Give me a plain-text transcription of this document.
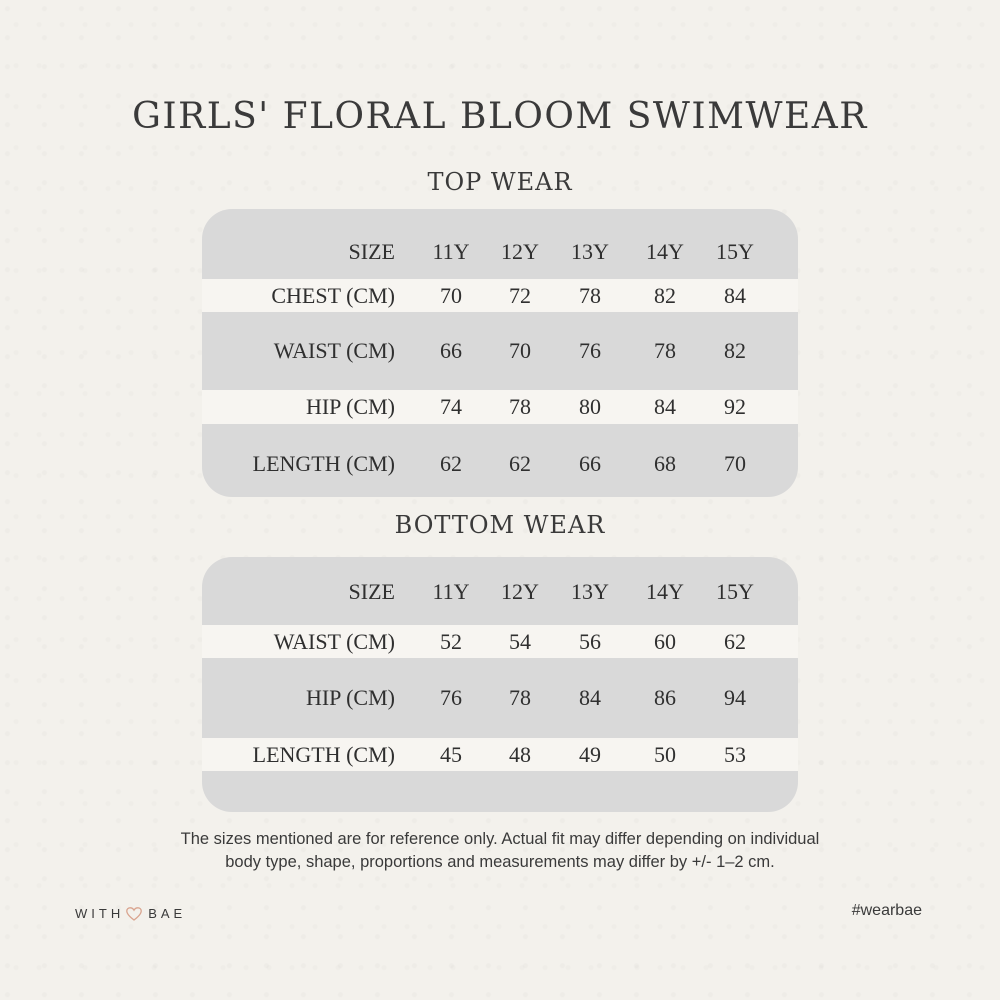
GIRLS' FLORAL BLOOM SWIMWEAR
TOP WEAR
SIZE	11Y	12Y	13Y	14Y	15Y
CHEST (CM)	70	72	78	82	84
WAIST (CM)	66	70	76	78	82
HIP (CM)	74	78	80	84	92
LENGTH (CM)	62	62	66	68	70
BOTTOM WEAR
SIZE	11Y	12Y	13Y	14Y	15Y
WAIST (CM)	52	54	56	60	62
HIP (CM)	76	78	84	86	94
LENGTH (CM)	45	48	49	50	53
The sizes mentioned are for reference only. Actual fit may differ depending on individual
body type, shape, proportions and measurements may differ by +/- 1–2 cm.
WITH BAE	#wearbae
